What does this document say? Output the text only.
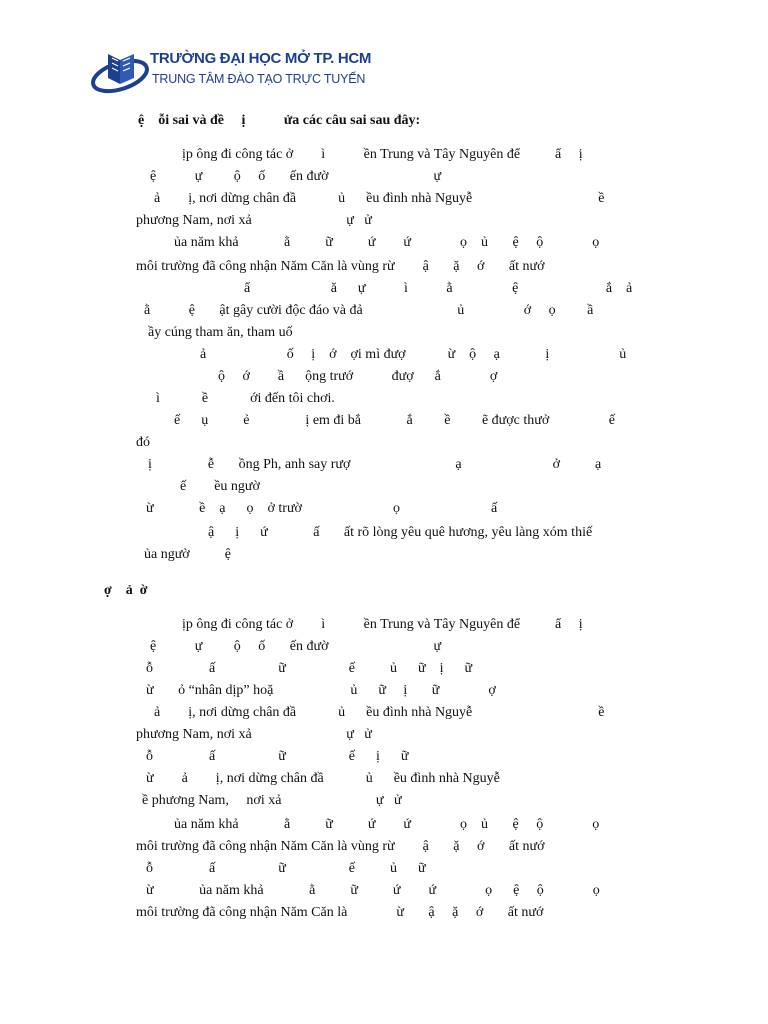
TRƯỜNG ĐẠI HỌC MỞ TP. HCM
TRUNG TÂM ĐÀO TẠO TRỰC TUYẾN
ệ    ỗi sai và đề     ị           ửa các câu sai sau đây:
ịp ông đi công tác ở        ì           ền Trung và Tây Nguyên để          ẩ     ị
ệ           ự         ộ     ố       ến đườ                              ự
ả        ị, nơi dừng chân đầ            ủ      ều đình nhà Nguyễ                                    ề
phương Nam, nơi xả                           ự   ử
ủa năm khả             ằ          ữ          ứ        ứ              ọ    ủ       ệ     ộ              ọ
môi trường đã công nhận Năm Căn là vùng rừ        ậ       ặ     ớ       ất nướ
ẩ                       ă      ự           ì           ằ                 ệ                         ắ    ả
ằ           ệ       ật gây cười độc đáo và đả                           ủ                 ớ     ọ         ầ
ầy cúng tham ăn, tham uố
ả                       ố     ị    ớ    ợi mì đượ            ừ    ộ     ạ             ị                    ủ
ộ     ớ        ầ      ộng trướ           đượ      ắ              ợ
ì            ề            ới đến tôi chơi.
ế      ụ          ẻ                ị em đi bắ             ắ         ề         ẽ được thưở                 ế
đó
ị                ễ       ồng Ph, anh say rượ                              ạ                          ở          ạ
ế        ều ngườ
ừ             ề    ạ      ọ    ở trườ                          ọ                          ấ
ậ      ị      ứ             ấ       ất rõ lòng yêu quê hương, yêu làng xóm thiế
ủa ngườ          ệ
ợ    ả  ờ
ịp ông đi công tác ở        ì           ền Trung và Tây Nguyên để          ẩ     ị
ệ           ự         ộ     ố       ến đườ                              ự
ỗ                ấ                  ữ                  ế          ủ      ữ    ị      ữ
ừ       ỏ “nhân dịp” hoặ                      ủ      ữ     ị       ữ              ợ
ả        ị, nơi dừng chân đầ            ủ      ều đình nhà Nguyễ                                    ề
phương Nam, nơi xả                           ự   ử
ỗ                ấ                  ữ                  ế      ị      ữ
ừ        ả        ị, nơi dừng chân đầ            ủ      ều đình nhà Nguyễ
ề phương Nam,     nơi xả                           ự   ử
ủa năm khả             ằ          ữ          ứ        ứ              ọ    ủ       ệ     ộ              ọ
môi trường đã công nhận Năm Căn là vùng rừ        ậ       ặ     ớ       ất nướ
ỗ                ấ                  ữ                  ế          ủ      ữ
ừ             ủa năm khả             ằ          ữ          ứ        ứ              ọ      ệ     ộ              ọ
môi trường đã công nhận Năm Căn là              ừ       ậ     ặ     ớ       ất nướ
